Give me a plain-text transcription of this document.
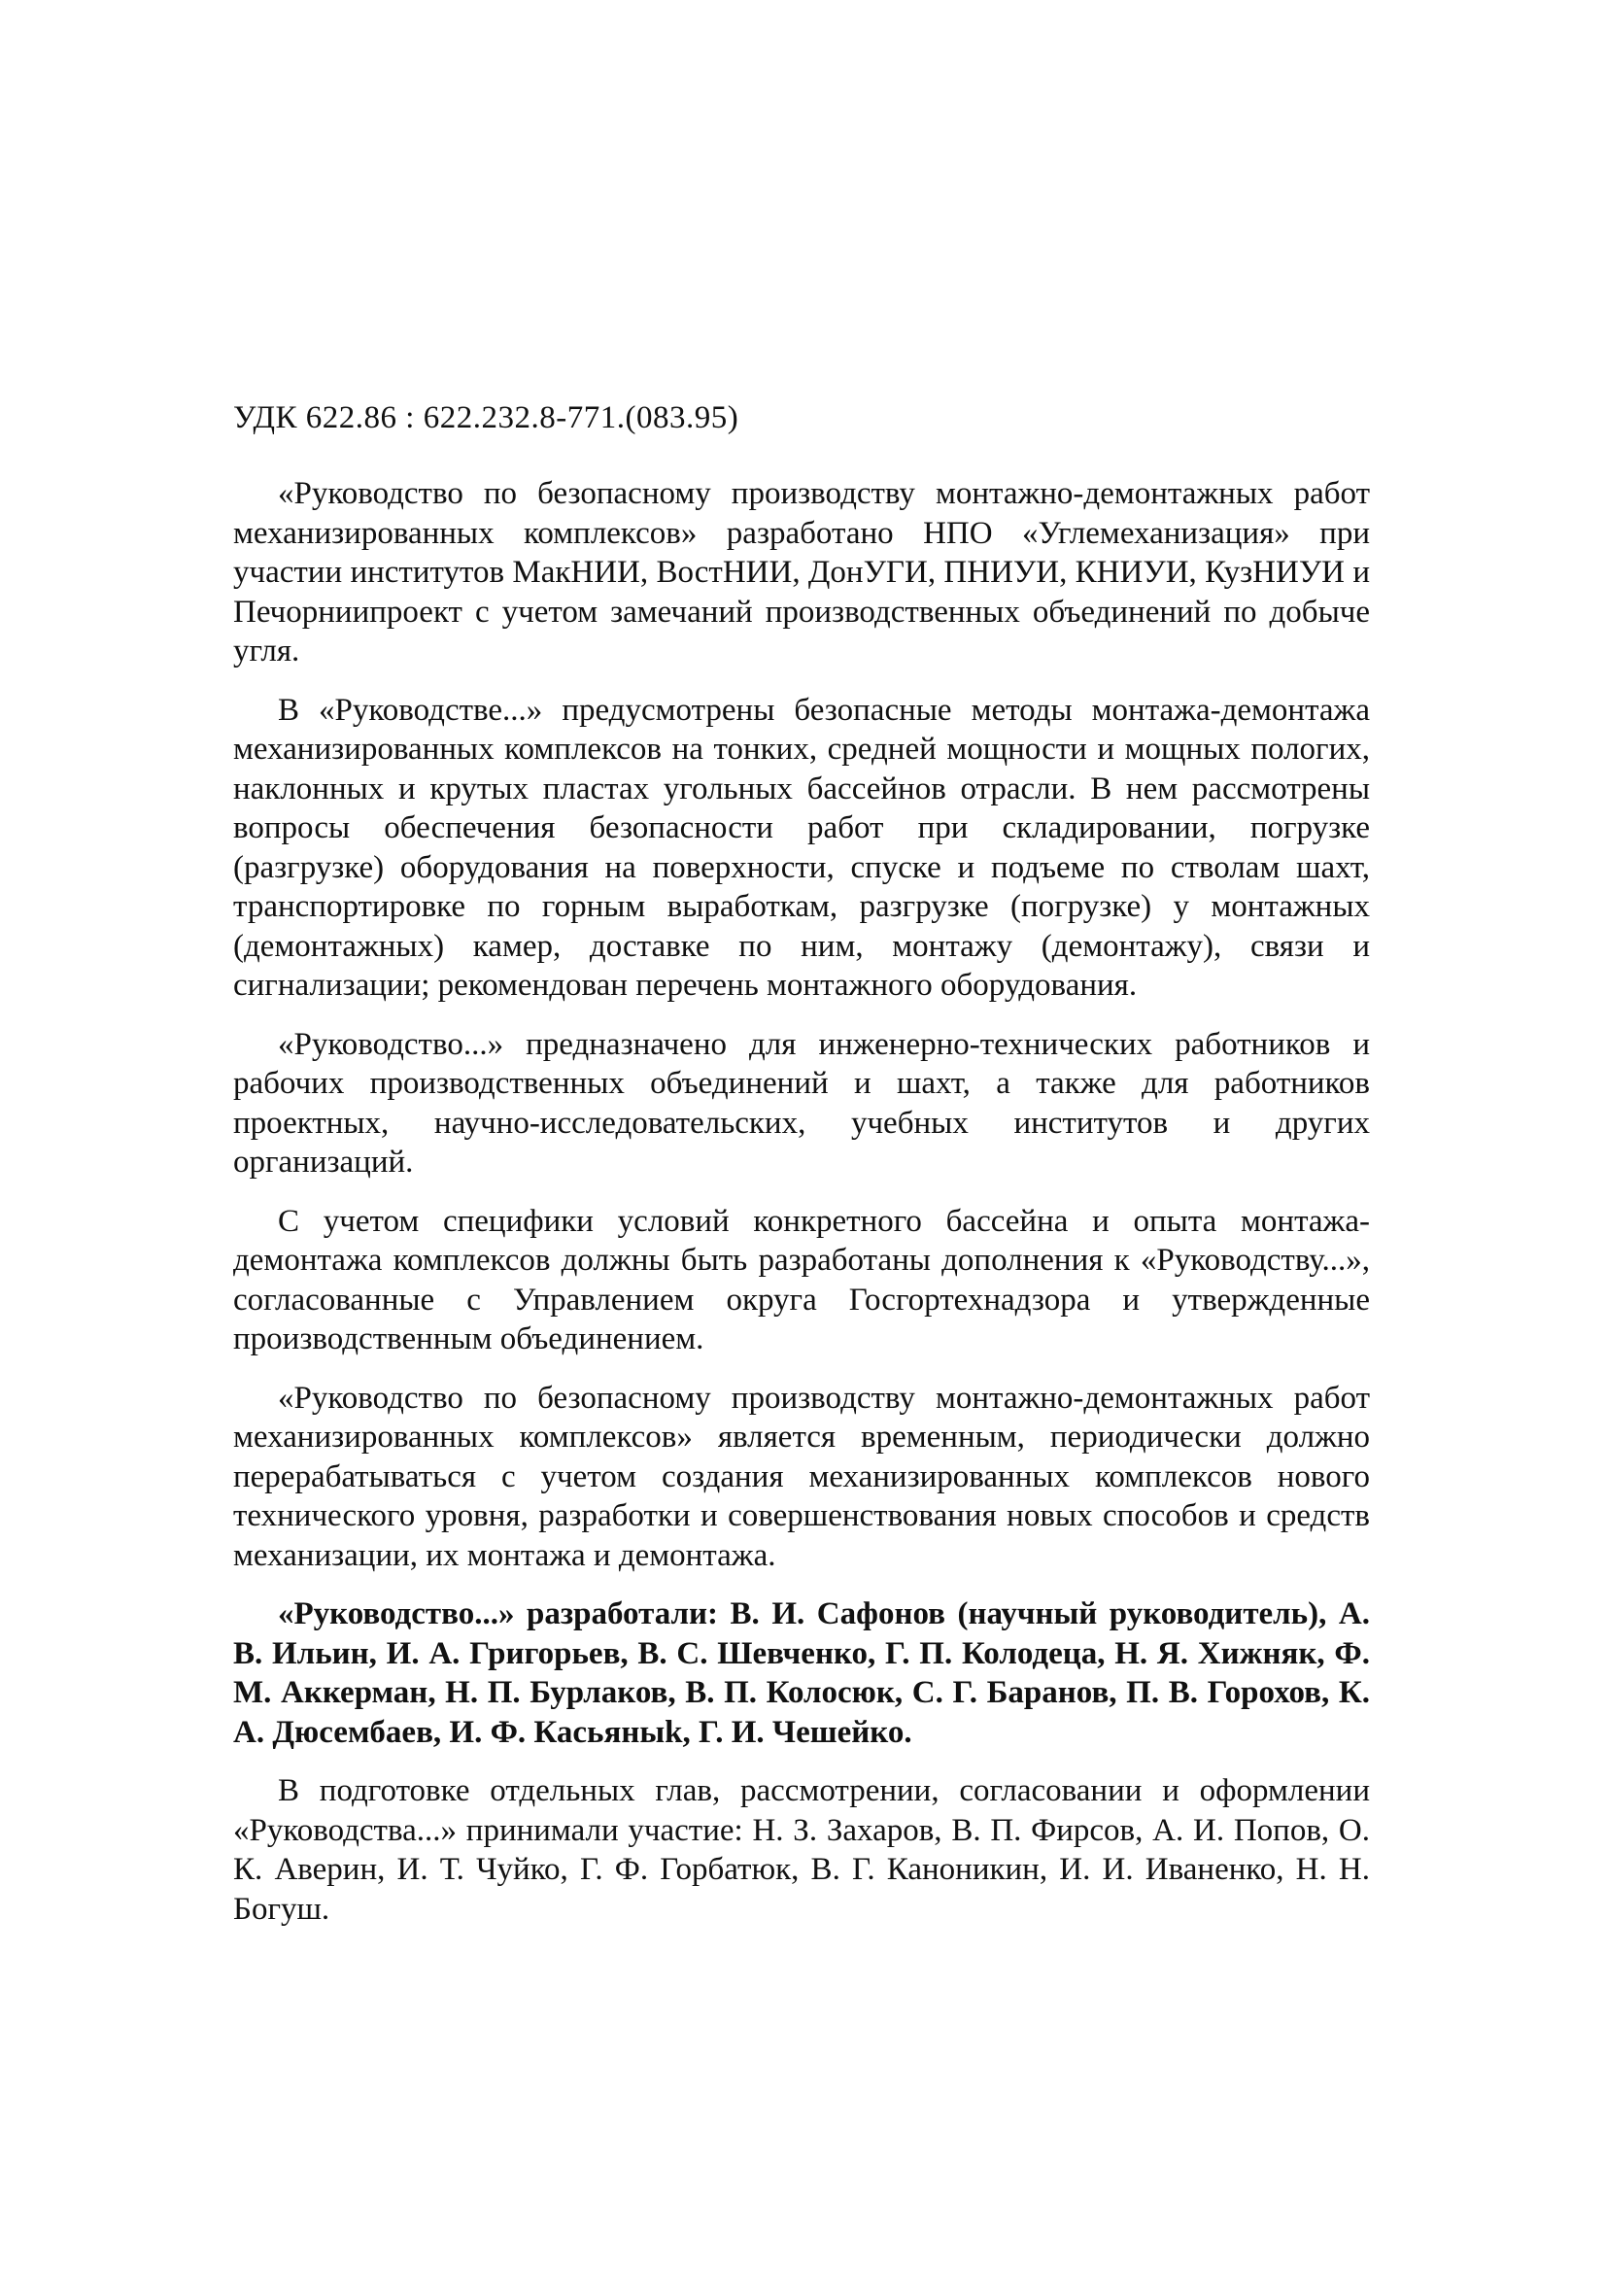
УДК 622.86 : 622.232.8-771.(083.95)

«Руководство по безопасному производству монтажно-демонтажных работ механизированных комплексов» разработано НПО «Углемеханизация» при участии институтов МакНИИ, ВостНИИ, ДонУГИ, ПНИУИ, КНИУИ, КузНИУИ и Печорниипроект с учетом замечаний производственных объединений по добыче угля.

В «Руководстве...» предусмотрены безопасные методы монтажа-демонтажа механизированных комплексов на тонких, средней мощности и мощных пологих, наклонных и крутых пластах угольных бассейнов отрасли. В нем рассмотрены вопросы обеспечения безопасности работ при складировании, погрузке (разгрузке) оборудования на поверхности, спуске и подъеме по стволам шахт, транспортировке по горным выработкам, разгрузке (погрузке) у монтажных (демонтажных) камер, доставке по ним, монтажу (демонтажу), связи и сигнализации; рекомендован перечень монтажного оборудования.

«Руководство...» предназначено для инженерно-технических работников и рабочих производственных объединений и шахт, а также для работников проектных, научно-исследовательских, учебных институтов и других организаций.

С учетом специфики условий конкретного бассейна и опыта монтажа-демонтажа комплексов должны быть разработаны дополнения к «Руководству...», согласованные с Управлением округа Госгортехнадзора и утвержденные производственным объединением.

«Руководство по безопасному производству монтажно-демонтажных работ механизированных комплексов» является временным, периодически должно перерабатываться с учетом создания механизированных комплексов нового технического уровня, разработки и совершенствования новых способов и средств механизации, их монтажа и демонтажа.

«Руководство...» разработали: В. И. Сафонов (научный руководитель), А. В. Ильин, И. А. Григорьев, В. С. Шевченко, Г. П. Колодеца, Н. Я. Хижняк, Ф. М. Аккерман, Н. П. Бурлаков, В. П. Колосюк, С. Г. Баранов, П. В. Горохов, К. А. Дюсембаев, И. Ф. Касьяныk, Г. И. Чешейко.

В подготовке отдельных глав, рассмотрении, согласовании и оформлении «Руководства...» принимали участие: Н. З. Захаров, В. П. Фирсов, А. И. Попов, О. К. Аверин, И. Т. Чуйко, Г. Ф. Горбатюк, В. Г. Каноникин, И. И. Иваненко, Н. Н. Богуш.
